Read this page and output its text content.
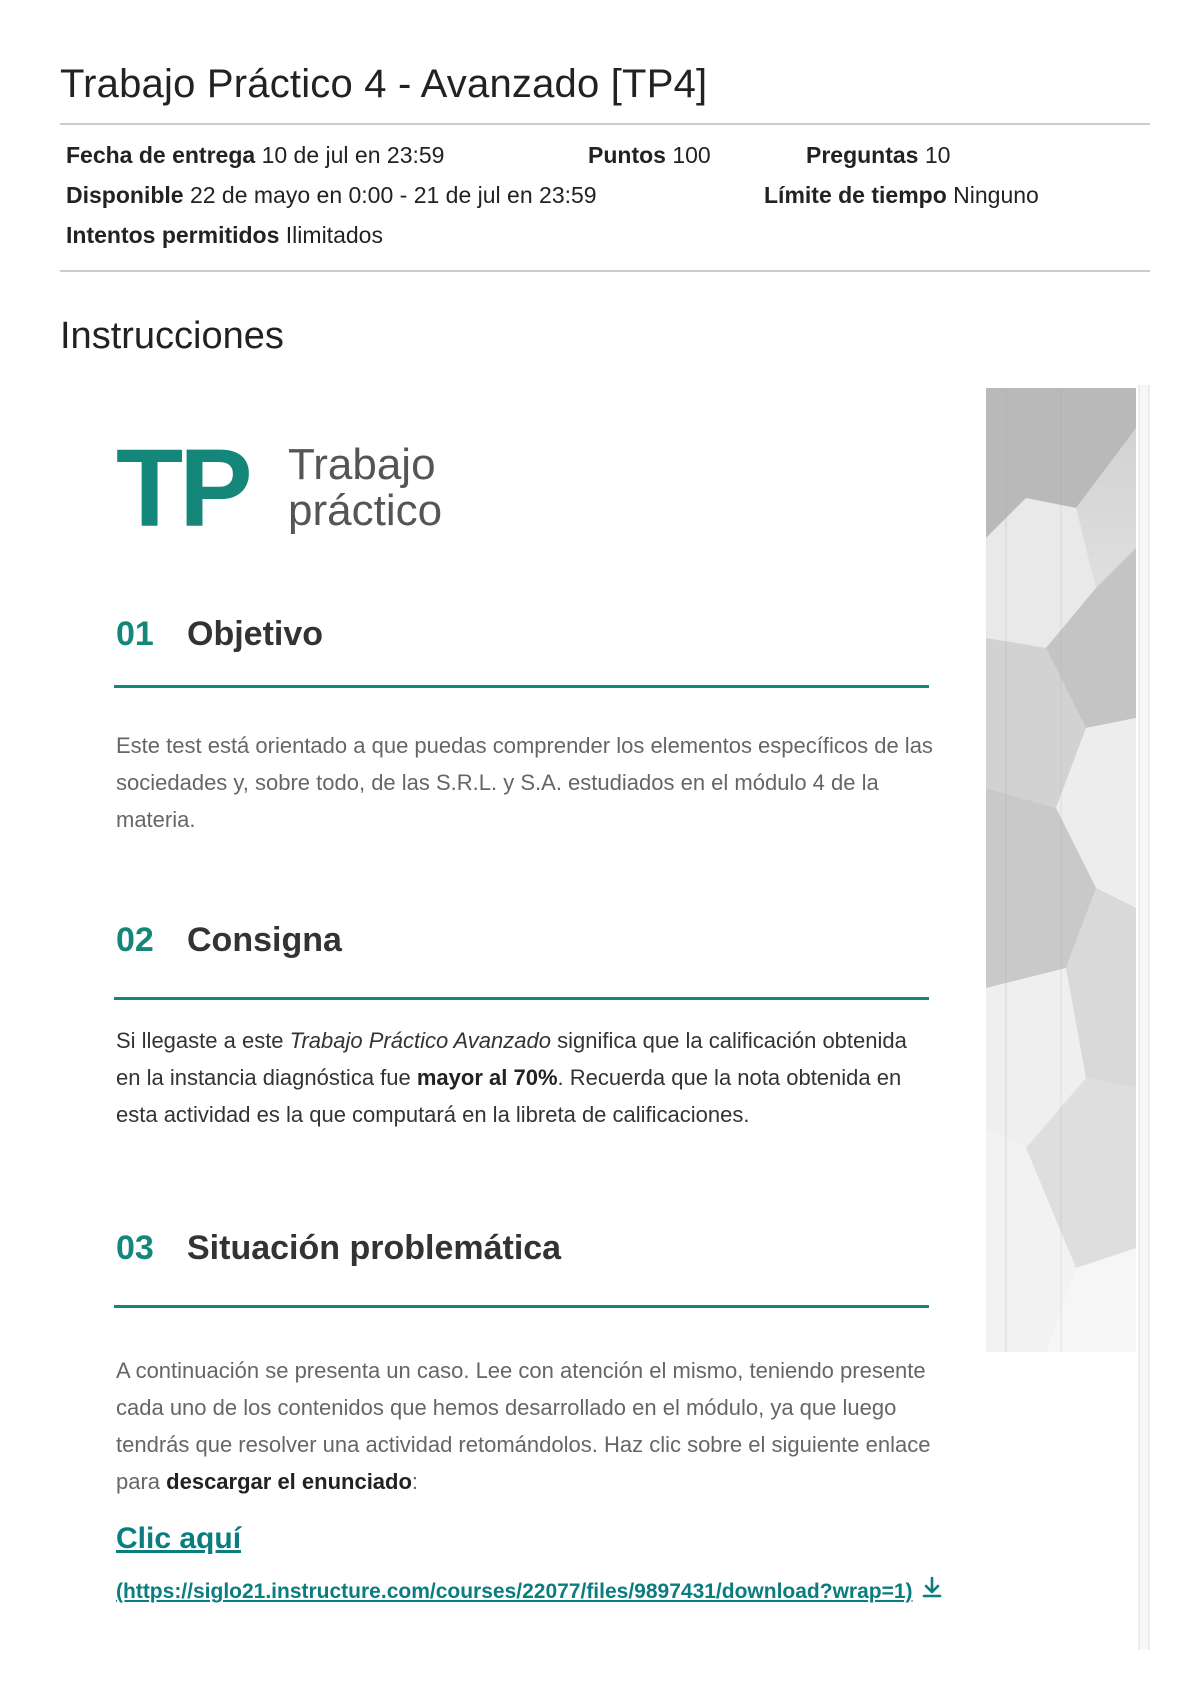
Trabajo Práctico 4 - Avanzado [TP4]
Fecha de entrega 10 de jul en 23:59	Puntos 100	Preguntas 10
Disponible 22 de mayo en 0:00 - 21 de jul en 23:59	Límite de tiempo Ninguno
Intentos permitidos Ilimitados
Instrucciones
TP Trabajo
práctico
01 Objetivo
Este test está orientado a que puedas comprender los elementos específicos de las sociedades y, sobre todo, de las S.R.L. y S.A. estudiados en el módulo 4 de la materia.
02 Consigna
Si llegaste a este Trabajo Práctico Avanzado significa que la calificación obtenida en la instancia diagnóstica fue mayor al 70%. Recuerda que la nota obtenida en esta actividad es la que computará en la libreta de calificaciones.
03 Situación problemática
A continuación se presenta un caso. Lee con atención el mismo, teniendo presente cada uno de los contenidos que hemos desarrollado en el módulo, ya que luego tendrás que resolver una actividad retomándolos. Haz clic sobre el siguiente enlace para descargar el enunciado:
Clic aquí
(https://siglo21.instructure.com/courses/22077/files/9897431/download?wrap=1)
